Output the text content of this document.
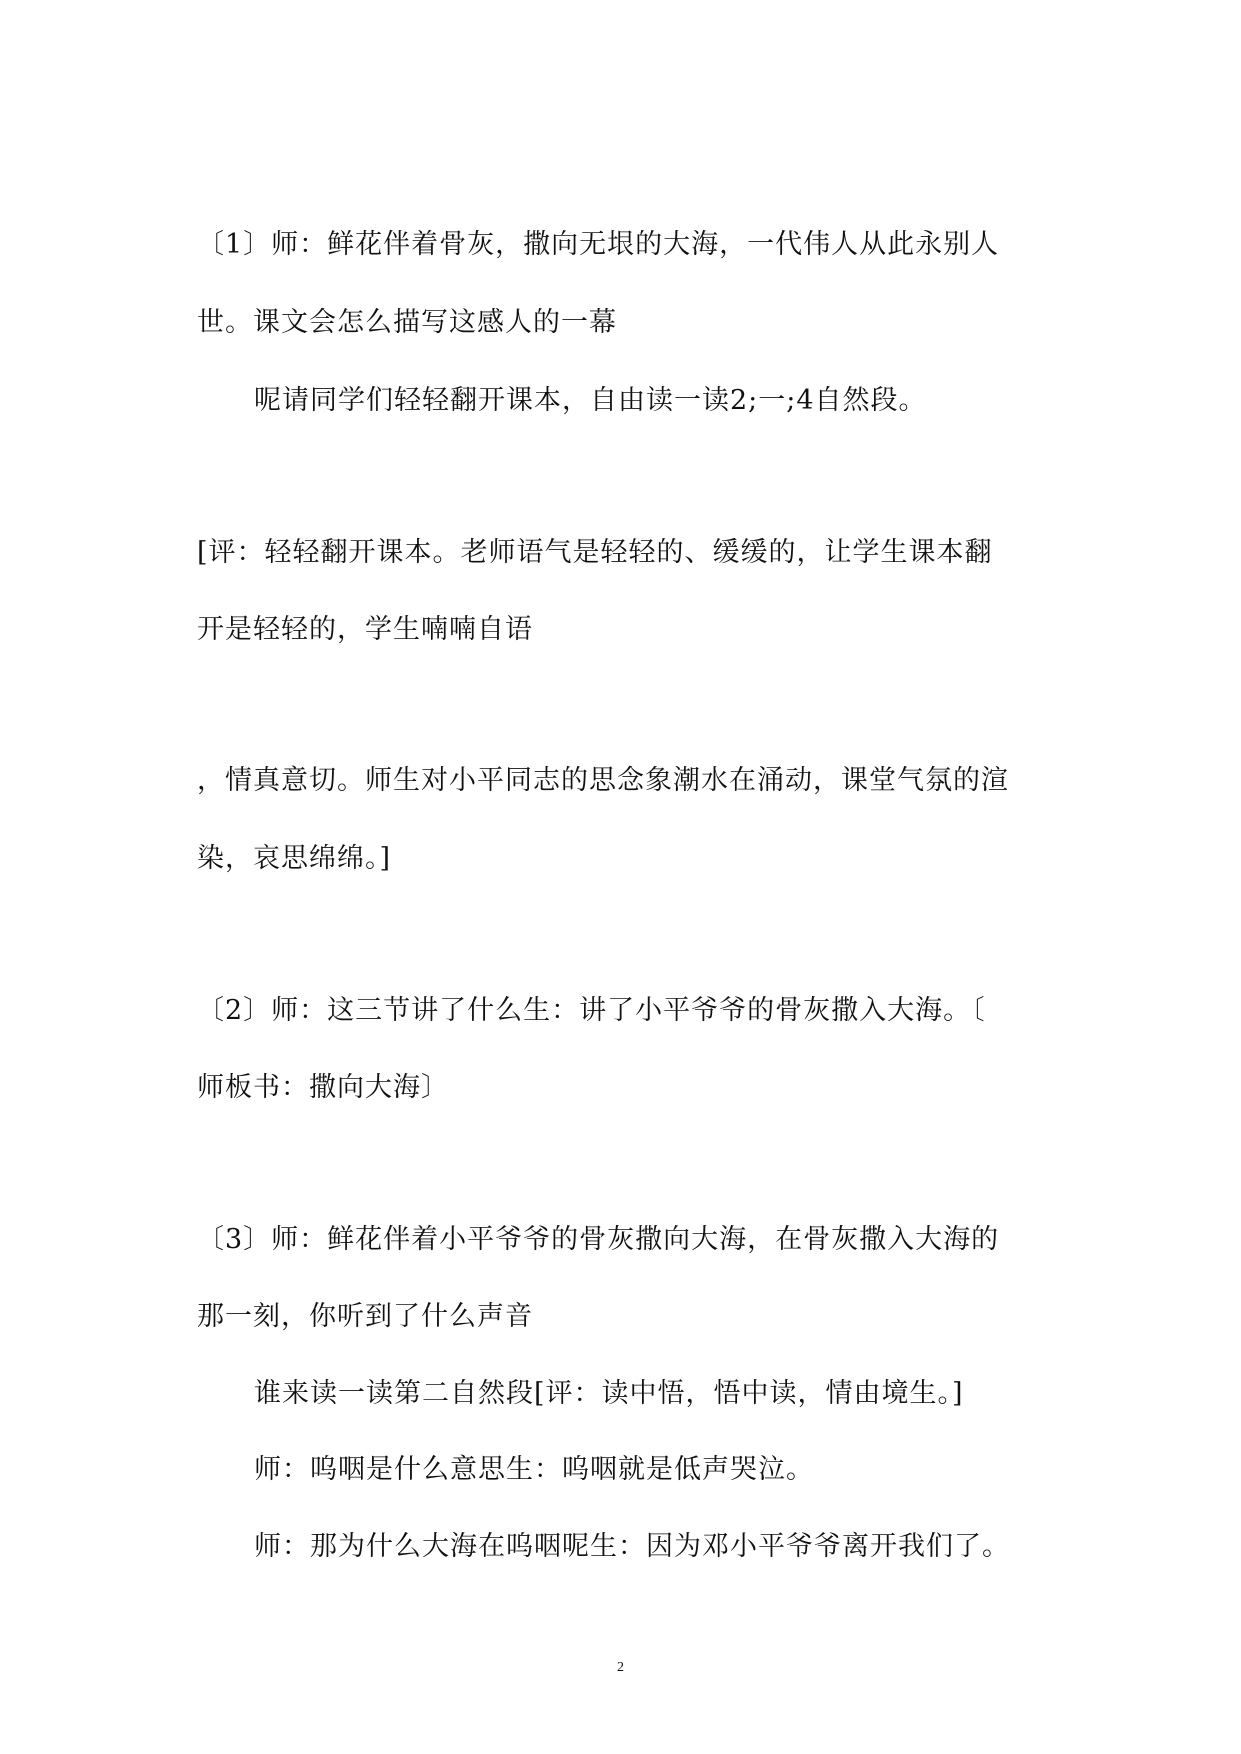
〔1〕师：鲜花伴着骨灰，撒向无垠的大海，一代伟人从此永别人
世。课文会怎么描写这感人的一幕
呢请同学们轻轻翻开课本，自由读一读2;一;4自然段。
[评：轻轻翻开课本。老师语气是轻轻的、缓缓的，让学生课本翻
开是轻轻的，学生喃喃自语
，情真意切。师生对小平同志的思念象潮水在涌动，课堂气氛的渲
染，哀思绵绵。]
〔2〕师：这三节讲了什么生：讲了小平爷爷的骨灰撒入大海。〔
师板书：撒向大海〕
〔3〕师：鲜花伴着小平爷爷的骨灰撒向大海，在骨灰撒入大海的
那一刻，你听到了什么声音
谁来读一读第二自然段[评：读中悟，悟中读，情由境生。]
师：呜咽是什么意思生：呜咽就是低声哭泣。
师：那为什么大海在呜咽呢生：因为邓小平爷爷离开我们了。
2
